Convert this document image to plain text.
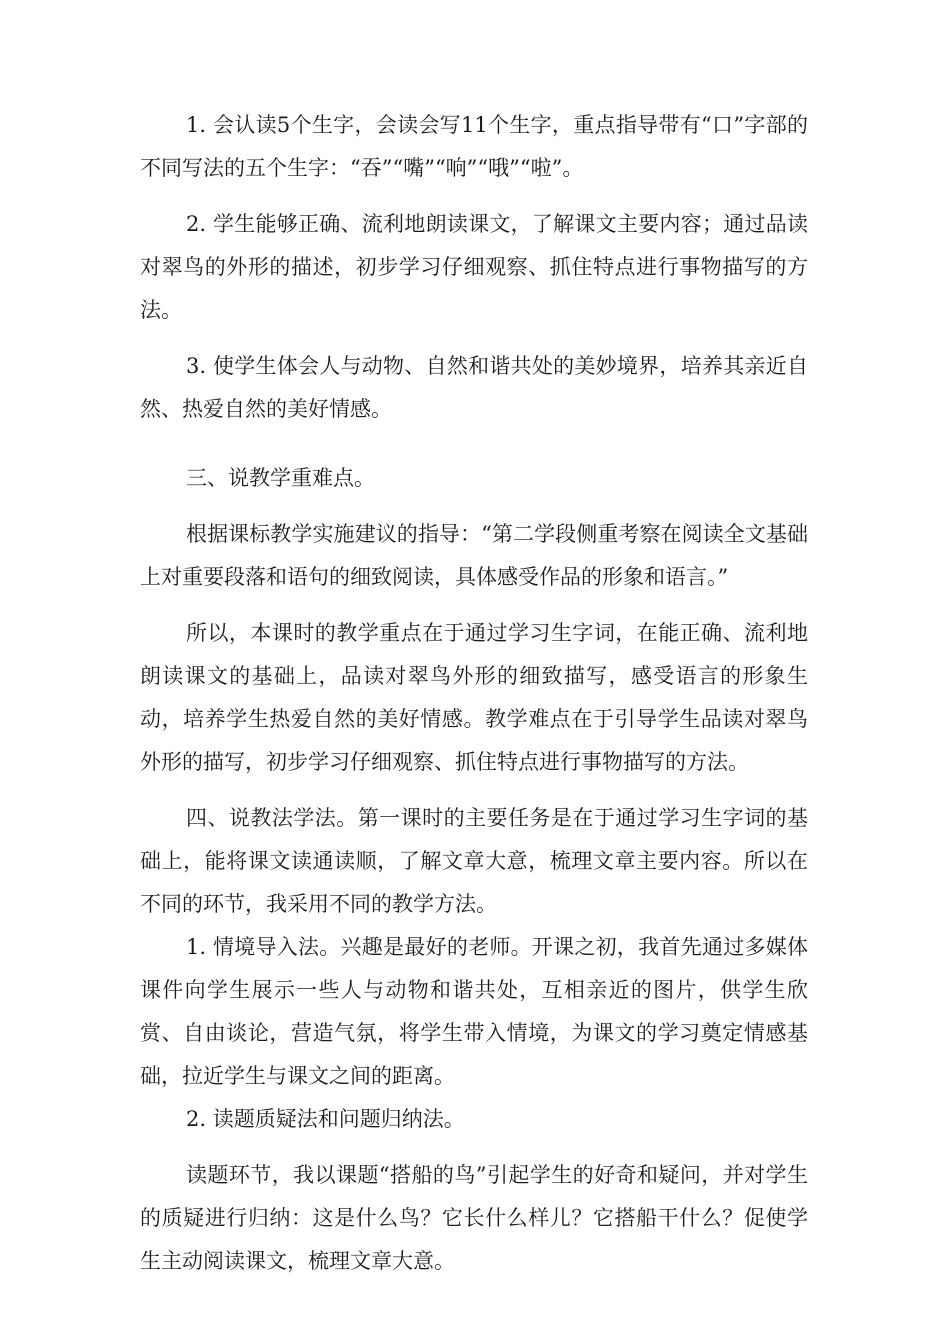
1. 会认读5个生字，会读会写11个生字，重点指导带有“口”字部的不同写法的五个生字：“吞”“嘴”“响”“哦”“啦”。

2. 学生能够正确、流利地朗读课文，了解课文主要内容；通过品读对翠鸟的外形的描述，初步学习仔细观察、抓住特点进行事物描写的方法。

3. 使学生体会人与动物、自然和谐共处的美妙境界，培养其亲近自然、热爱自然的美好情感。

三、说教学重难点。

根据课标教学实施建议的指导：“第二学段侧重考察在阅读全文基础上对重要段落和语句的细致阅读，具体感受作品的形象和语言。”

所以，本课时的教学重点在于通过学习生字词，在能正确、流利地朗读课文的基础上，品读对翠鸟外形的细致描写，感受语言的形象生动，培养学生热爱自然的美好情感。教学难点在于引导学生品读对翠鸟外形的描写，初步学习仔细观察、抓住特点进行事物描写的方法。

四、说教法学法。第一课时的主要任务是在于通过学习生字词的基础上，能将课文读通读顺，了解文章大意，梳理文章主要内容。所以在不同的环节，我采用不同的教学方法。

1. 情境导入法。兴趣是最好的老师。开课之初，我首先通过多媒体课件向学生展示一些人与动物和谐共处，互相亲近的图片，供学生欣赏、自由谈论，营造气氛，将学生带入情境，为课文的学习奠定情感基础，拉近学生与课文之间的距离。

2. 读题质疑法和问题归纳法。

读题环节，我以课题“搭船的鸟”引起学生的好奇和疑问，并对学生的质疑进行归纳：这是什么鸟？它长什么样儿？它搭船干什么？促使学生主动阅读课文，梳理文章大意。
